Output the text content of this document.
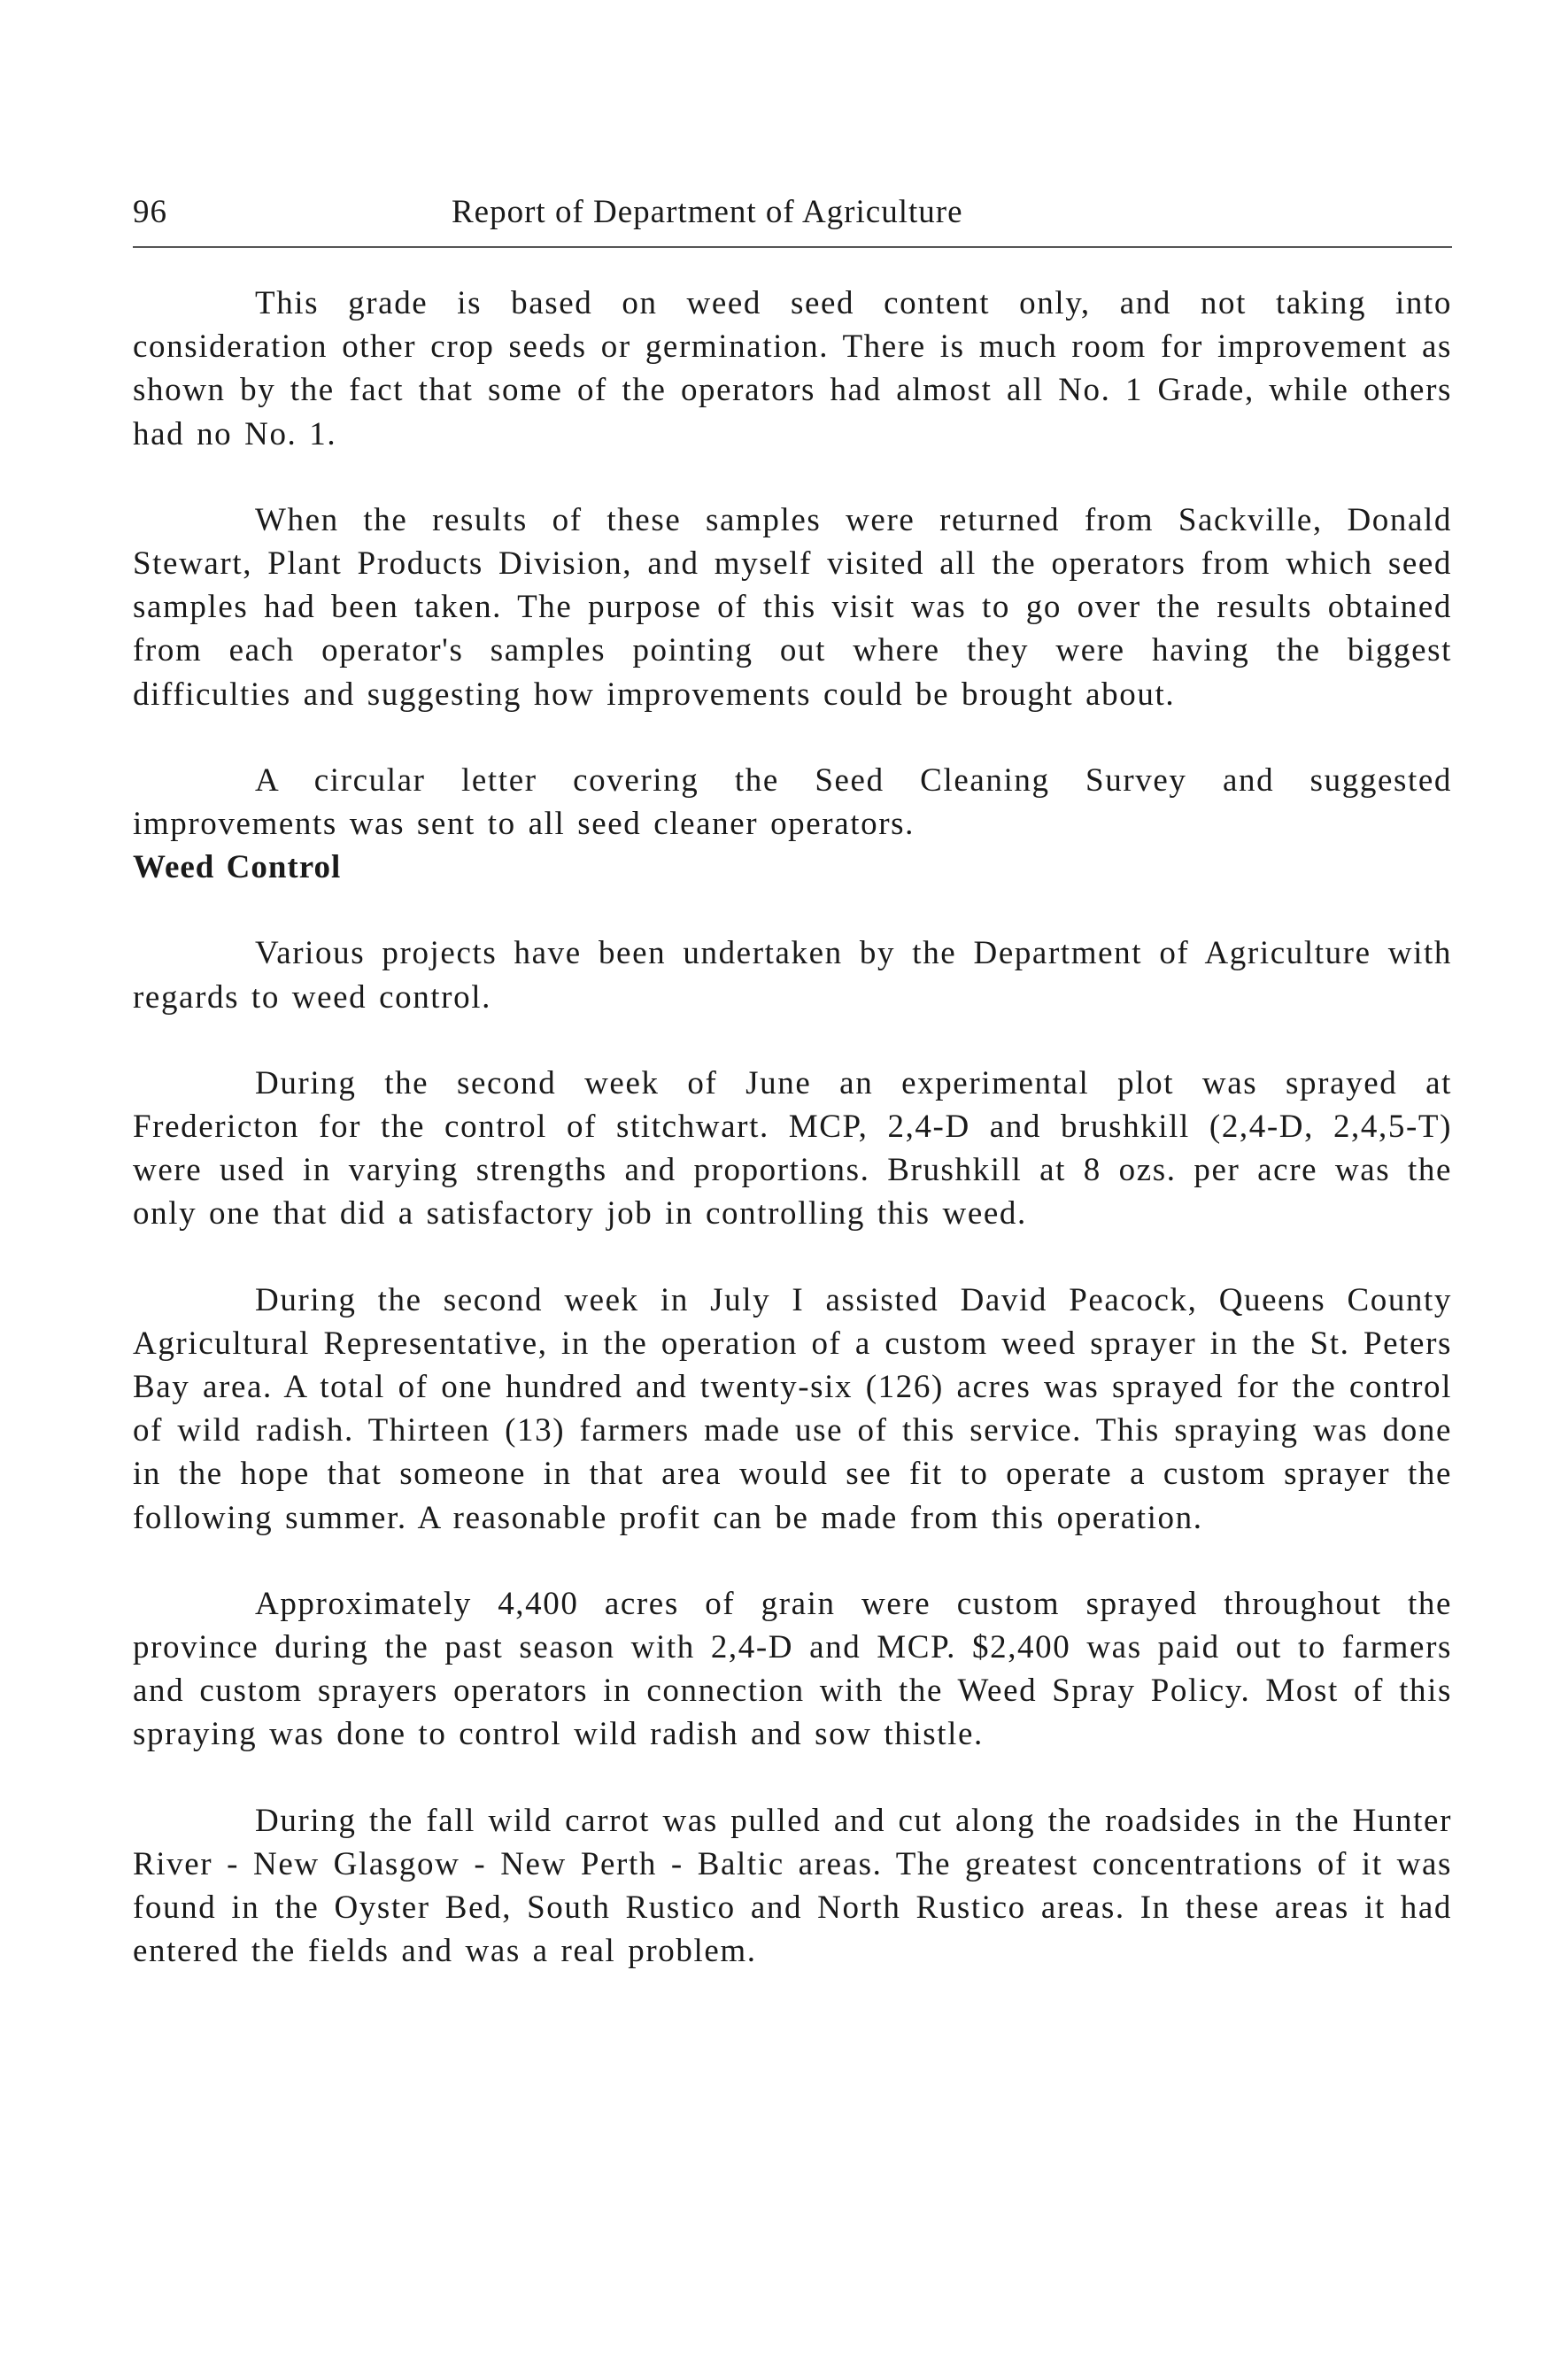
96	Report of Department of Agriculture

This grade is based on weed seed content only, and not taking into consideration other crop seeds or germination. There is much room for improvement as shown by the fact that some of the operators had almost all No. 1 Grade, while others had no No. 1.

When the results of these samples were returned from Sackville, Donald Stewart, Plant Products Division, and myself visited all the operators from which seed samples had been taken. The purpose of this visit was to go over the results obtained from each operator's samples pointing out where they were having the biggest difficulties and suggesting how improvements could be brought about.

A circular letter covering the Seed Cleaning Survey and suggested improvements was sent to all seed cleaner operators.

Weed Control

Various projects have been undertaken by the Department of Agriculture with regards to weed control.

During the second week of June an experimental plot was sprayed at Fredericton for the control of stitchwart. MCP, 2,4-D and brushkill (2,4-D, 2,4,5-T) were used in varying strengths and proportions. Brushkill at 8 ozs. per acre was the only one that did a satisfactory job in controlling this weed.

During the second week in July I assisted David Peacock, Queens County Agricultural Representative, in the operation of a custom weed sprayer in the St. Peters Bay area. A total of one hundred and twenty-six (126) acres was sprayed for the control of wild radish. Thirteen (13) farmers made use of this service. This spraying was done in the hope that someone in that area would see fit to operate a custom sprayer the following summer. A reasonable profit can be made from this operation.

Approximately 4,400 acres of grain were custom sprayed throughout the province during the past season with 2,4-D and MCP. $2,400 was paid out to farmers and custom sprayers operators in connection with the Weed Spray Policy. Most of this spraying was done to control wild radish and sow thistle.

During the fall wild carrot was pulled and cut along the roadsides in the Hunter River - New Glasgow - New Perth - Baltic areas. The greatest concentrations of it was found in the Oyster Bed, South Rustico and North Rustico areas. In these areas it had entered the fields and was a real problem.
